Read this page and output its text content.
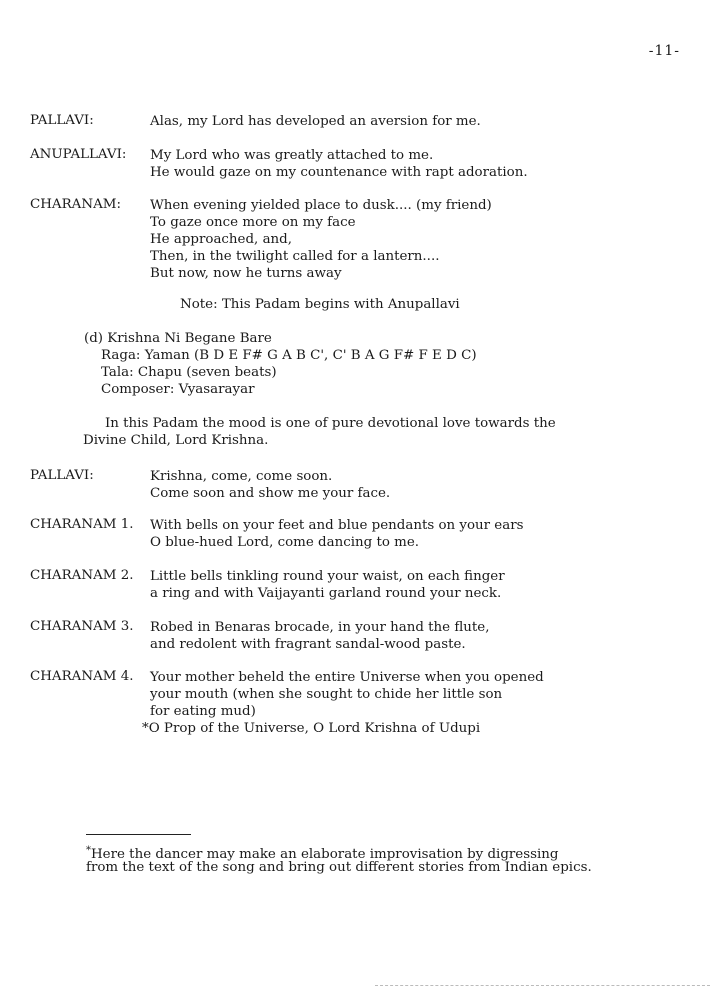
-11-
PALLAVI:	Alas, my Lord has developed an aversion for me.
ANUPALLAVI: My Lord who was greatly attached to me.
He would gaze on my countenance with rapt adoration.
CHARANAM: When evening yielded place to dusk.... (my friend)
To gaze once more on my face
He approached, and,
Then, in the twilight called for a lantern....
But now, now he turns away
Note: This Padam begins with Anupallavi
(d) Krishna Ni Begane Bare
Raga: Yaman (B D E F# G A B C', C' B A G F# F E D C)
Tala: Chapu (seven beats)
Composer: Vyasarayar
In this Padam the mood is one of pure devotional love towards the
Divine Child, Lord Krishna.
PALLAVI:	Krishna, come, come soon.
Come soon and show me your face.
CHARANAM 1. With bells on your feet and blue pendants on your ears
O blue-hued Lord, come dancing to me.
CHARANAM 2. Little bells tinkling round your waist, on each finger
a ring and with Vaijayanti garland round your neck.
CHARANAM 3. Robed in Benaras brocade, in your hand the flute,
and redolent with fragrant sandal-wood paste.
CHARANAM 4. Your mother beheld the entire Universe when you opened
your mouth (when she sought to chide her little son
for eating mud)
*O Prop of the Universe, O Lord Krishna of Udupi
*Here the dancer may make an elaborate improvisation by digressing
from the text of the song and bring out different stories from Indian epics.
